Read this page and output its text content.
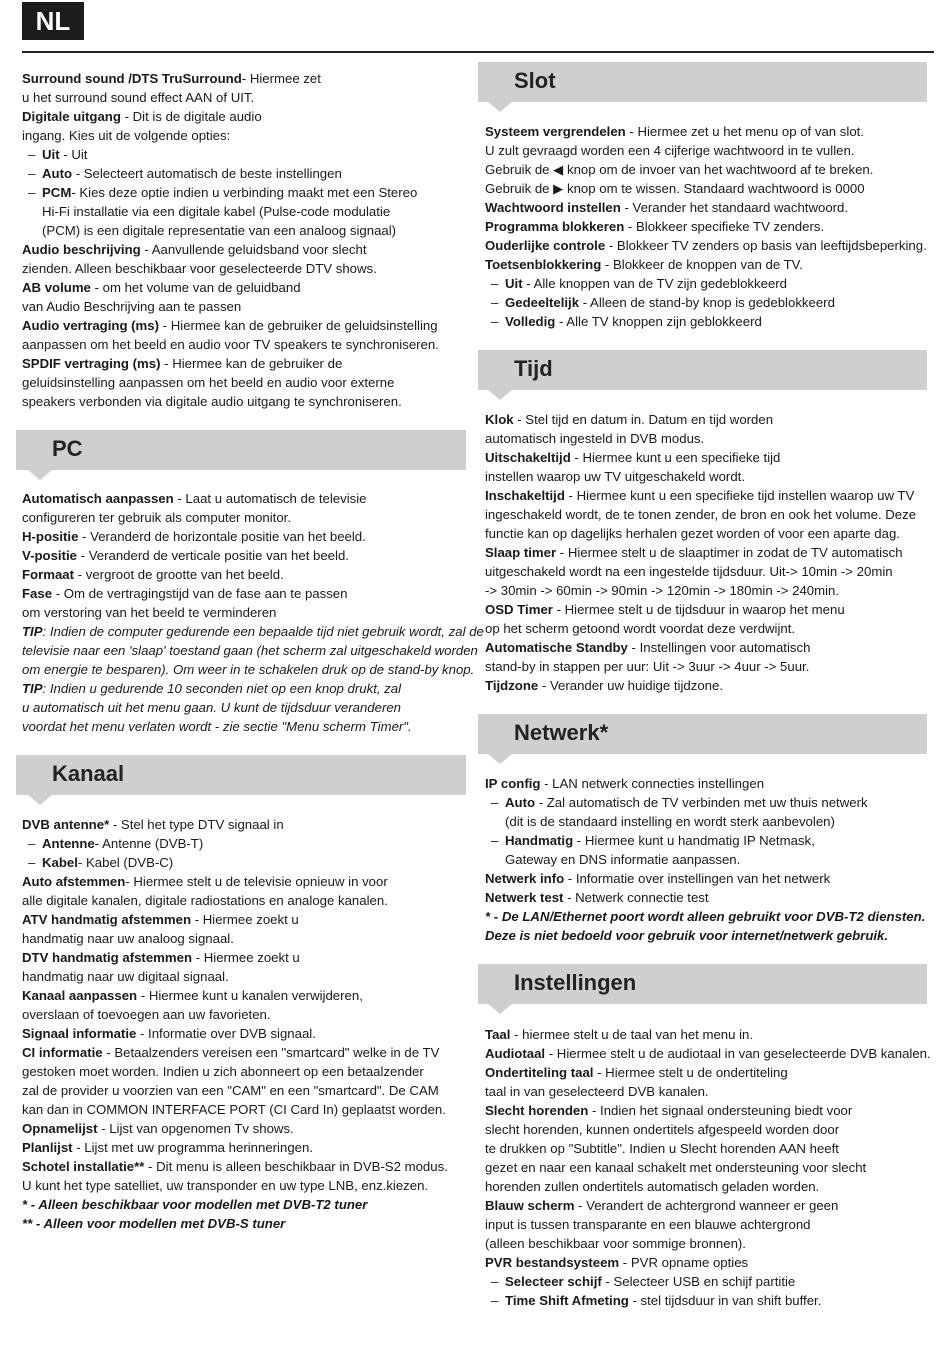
NL
Surround sound /DTS TruSurround- Hiermee zet
u het surround sound effect AAN of UIT.
Digitale uitgang - Dit is de digitale audio
ingang. Kies uit de volgende opties:
– Uit - Uit
– Auto - Selecteert automatisch de beste instellingen
– PCM- Kies deze optie indien u verbinding maakt met een Stereo
Hi-Fi installatie via een digitale kabel (Pulse-code modulatie
(PCM) is een digitale representatie van een analoog signaal)
Audio beschrijving - Aanvullende geluidsband voor slecht
zienden. Alleen beschikbaar voor geselecteerde DTV shows.
AB volume - om het volume van de geluidband
van Audio Beschrijving aan te passen
Audio vertraging (ms) - Hiermee kan de gebruiker de geluidsinstelling
aanpassen om het beeld en audio voor TV speakers te synchroniseren.
SPDIF vertraging (ms) - Hiermee kan de gebruiker de
geluidsinstelling aanpassen om het beeld en audio voor externe
speakers verbonden via digitale audio uitgang te synchroniseren.
PC
Automatisch aanpassen - Laat u automatisch de televisie
configureren ter gebruik als computer monitor.
H-positie - Veranderd de horizontale positie van het beeld.
V-positie - Veranderd de verticale positie van het beeld.
Formaat - vergroot de grootte van het beeld.
Fase - Om de vertragingstijd van de fase aan te passen
om verstoring van het beeld te verminderen
TIP: Indien de computer gedurende een bepaalde tijd niet gebruik wordt, zal de
televisie naar een 'slaap' toestand gaan (het scherm zal uitgeschakeld worden
om energie te besparen). Om weer in te schakelen druk op de stand-by knop.
TIP: Indien u gedurende 10 seconden niet op een knop drukt, zal
u automatisch uit het menu gaan. U kunt de tijdsduur veranderen
voordat het menu verlaten wordt - zie sectie "Menu scherm Timer".
Kanaal
DVB antenne* - Stel het type DTV signaal in
– Antenne- Antenne (DVB-T)
– Kabel- Kabel (DVB-C)
Auto afstemmen- Hiermee stelt u de televisie opnieuw in voor
alle digitale kanalen, digitale radiostations en analoge kanalen.
ATV handmatig afstemmen - Hiermee zoekt u
handmatig naar uw analoog signaal.
DTV handmatig afstemmen - Hiermee zoekt u
handmatig naar uw digitaal signaal.
Kanaal aanpassen - Hiermee kunt u kanalen verwijderen,
overslaan of toevoegen aan uw favorieten.
Signaal informatie - Informatie over DVB signaal.
CI informatie - Betaalzenders vereisen een "smartcard" welke in de TV
gestoken moet worden. Indien u zich abonneert op een betaalzender
zal de provider u voorzien van een "CAM" en een "smartcard". De CAM
kan dan in COMMON INTERFACE PORT (CI Card In) geplaatst worden.
Opnamelijst - Lijst van opgenomen Tv shows.
Planlijst - Lijst met uw programma herinneringen.
Schotel installatie** - Dit menu is alleen beschikbaar in DVB-S2 modus.
U kunt het type satelliet, uw transponder en uw type LNB, enz.kiezen.
* - Alleen beschikbaar voor modellen met DVB-T2 tuner
** - Alleen voor modellen met DVB-S tuner
Slot
Systeem vergrendelen - Hiermee zet u het menu op of van slot.
U zult gevraagd worden een 4 cijferige wachtwoord in te vullen.
Gebruik de ◀ knop om de invoer van het wachtwoord af te breken.
Gebruik de ▶ knop om te wissen. Standaard wachtwoord is 0000
Wachtwoord instellen - Verander het standaard wachtwoord.
Programma blokkeren - Blokkeer specifieke TV zenders.
Ouderlijke controle - Blokkeer TV zenders op basis van leeftijdsbeperking.
Toetsenblokkering - Blokkeer de knoppen van de TV.
– Uit - Alle knoppen van de TV zijn gedeblokkeerd
– Gedeeltelijk - Alleen de stand-by knop is gedeblokkeerd
– Volledig - Alle TV knoppen zijn geblokkeerd
Tijd
Klok - Stel tijd en datum in. Datum en tijd worden
automatisch ingesteld in DVB modus.
Uitschakeltijd - Hiermee kunt u een specifieke tijd
instellen waarop uw TV uitgeschakeld wordt.
Inschakeltijd - Hiermee kunt u een specifieke tijd instellen waarop uw TV
ingeschakeld wordt, de te tonen zender, de bron en ook het volume. Deze
functie kan op dagelijks herhalen gezet worden of voor een aparte dag.
Slaap timer - Hiermee stelt u de slaaptimer in zodat de TV automatisch
uitgeschakeld wordt na een ingestelde tijdsduur. Uit-> 10min -> 20min
-> 30min -> 60min -> 90min -> 120min -> 180min -> 240min.
OSD Timer - Hiermee stelt u de tijdsduur in waarop het menu
op het scherm getoond wordt voordat deze verdwijnt.
Automatische Standby - Instellingen voor automatisch
stand-by in stappen per uur: Uit -> 3uur -> 4uur -> 5uur.
Tijdzone - Verander uw huidige tijdzone.
Netwerk*
IP config - LAN netwerk connecties instellingen
– Auto - Zal automatisch de TV verbinden met uw thuis netwerk
(dit is de standaard instelling en wordt sterk aanbevolen)
– Handmatig - Hiermee kunt u handmatig IP Netmask,
Gateway en DNS informatie aanpassen.
Netwerk info - Informatie over instellingen van het netwerk
Netwerk test - Netwerk connectie test
* - De LAN/Ethernet poort wordt alleen gebruikt voor DVB-T2 diensten.
Deze is niet bedoeld voor gebruik voor internet/netwerk gebruik.
Instellingen
Taal - hiermee stelt u de taal van het menu in.
Audiotaal - Hiermee stelt u de audiotaal in van geselecteerde DVB kanalen.
Ondertiteling taal - Hiermee stelt u de ondertiteling
taal in van geselecteerd DVB kanalen.
Slecht horenden - Indien het signaal ondersteuning biedt voor
slecht horenden, kunnen ondertitels afgespeeld worden door
te drukken op "Subtitle". Indien u Slecht horenden AAN heeft
gezet en naar een kanaal schakelt met ondersteuning voor slecht
horenden zullen ondertitels automatisch geladen worden.
Blauw scherm - Verandert de achtergrond wanneer er geen
input is tussen transparante en een blauwe achtergrond
(alleen beschikbaar voor sommige bronnen).
PVR bestandsysteem - PVR opname opties
– Selecteer schijf - Selecteer USB en schijf partitie
– Time Shift Afmeting - stel tijdsduur in van shift buffer.
